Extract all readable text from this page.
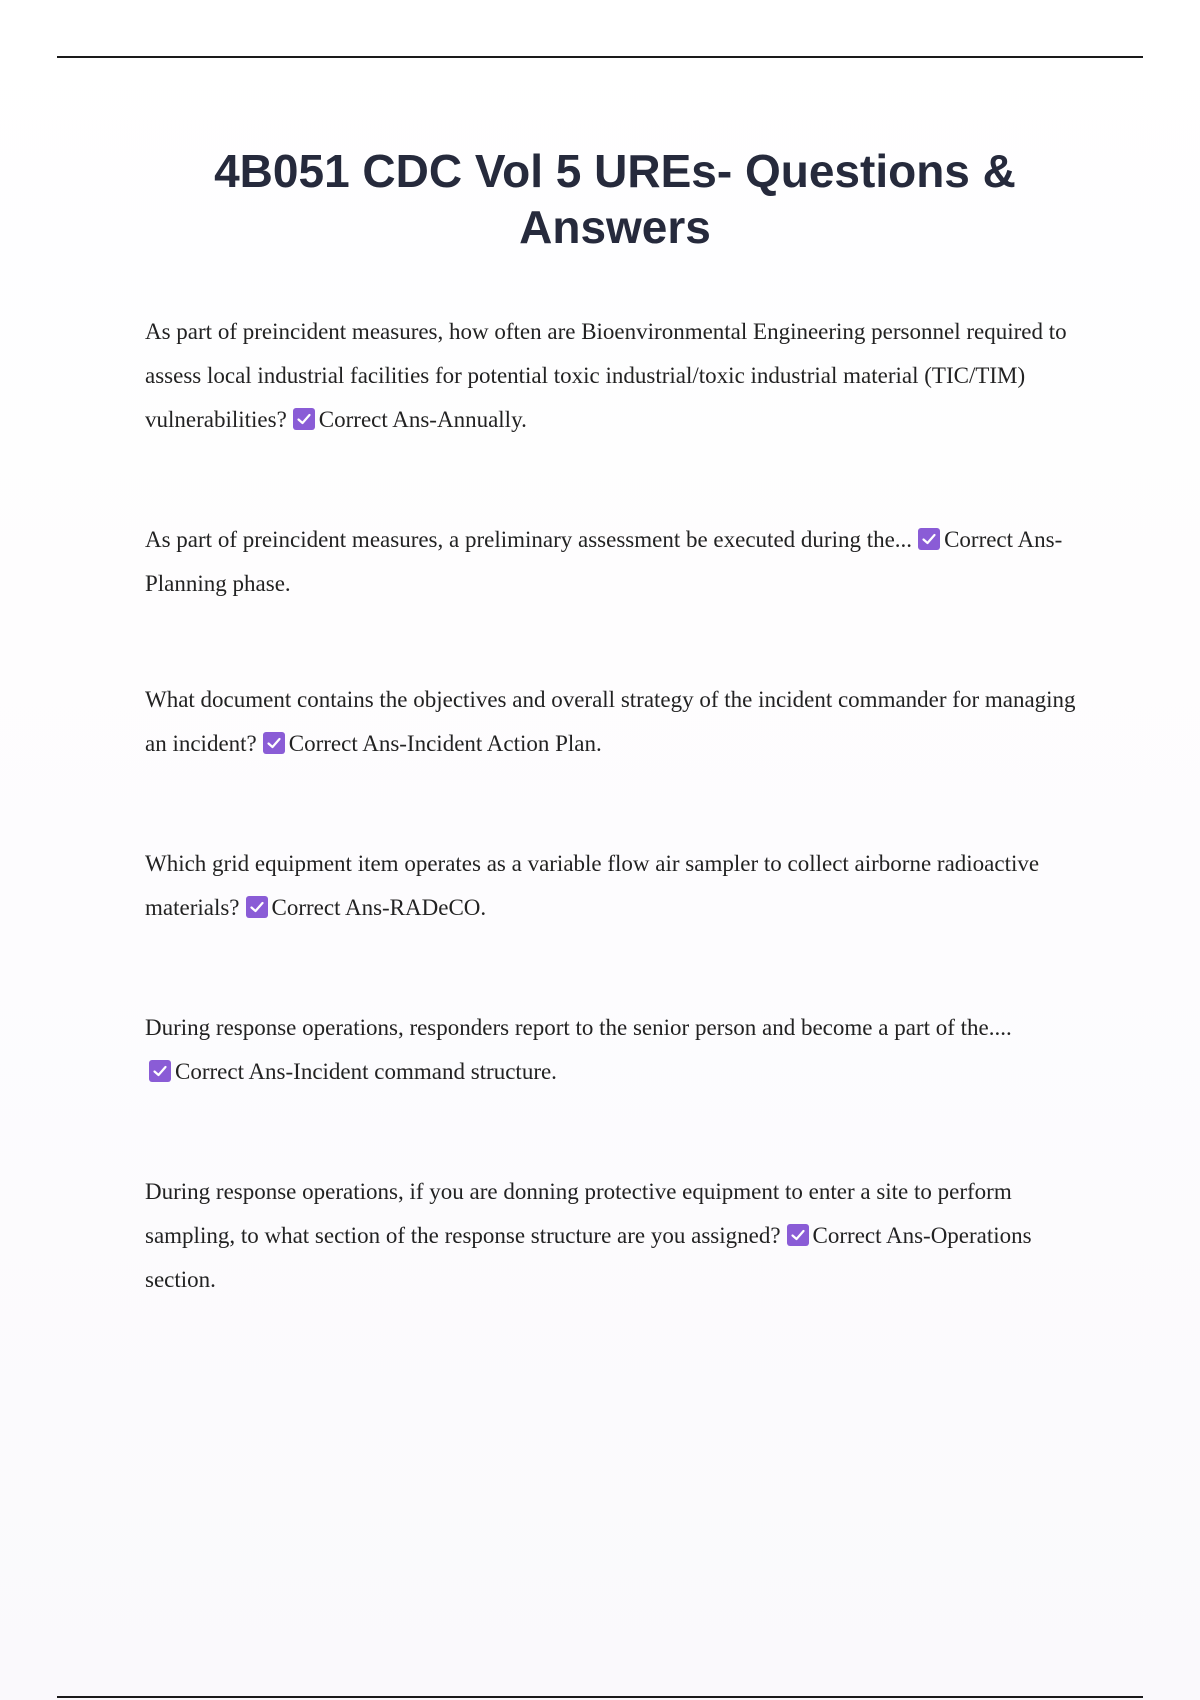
4B051 CDC Vol 5 UREs- Questions & Answers

As part of preincident measures, how often are Bioenvironmental Engineering personnel required to assess local industrial facilities for potential toxic industrial/toxic industrial material (TIC/TIM) vulnerabilities? Correct Ans-Annually.

As part of preincident measures, a preliminary assessment be executed during the... Correct Ans-Planning phase.

What document contains the objectives and overall strategy of the incident commander for managing an incident? Correct Ans-Incident Action Plan.

Which grid equipment item operates as a variable flow air sampler to collect airborne radioactive materials? Correct Ans-RADeCO.

During response operations, responders report to the senior person and become a part of the....

Correct Ans-Incident command structure.

During response operations, if you are donning protective equipment to enter a site to perform sampling, to what section of the response structure are you assigned? Correct Ans-Operations section.
